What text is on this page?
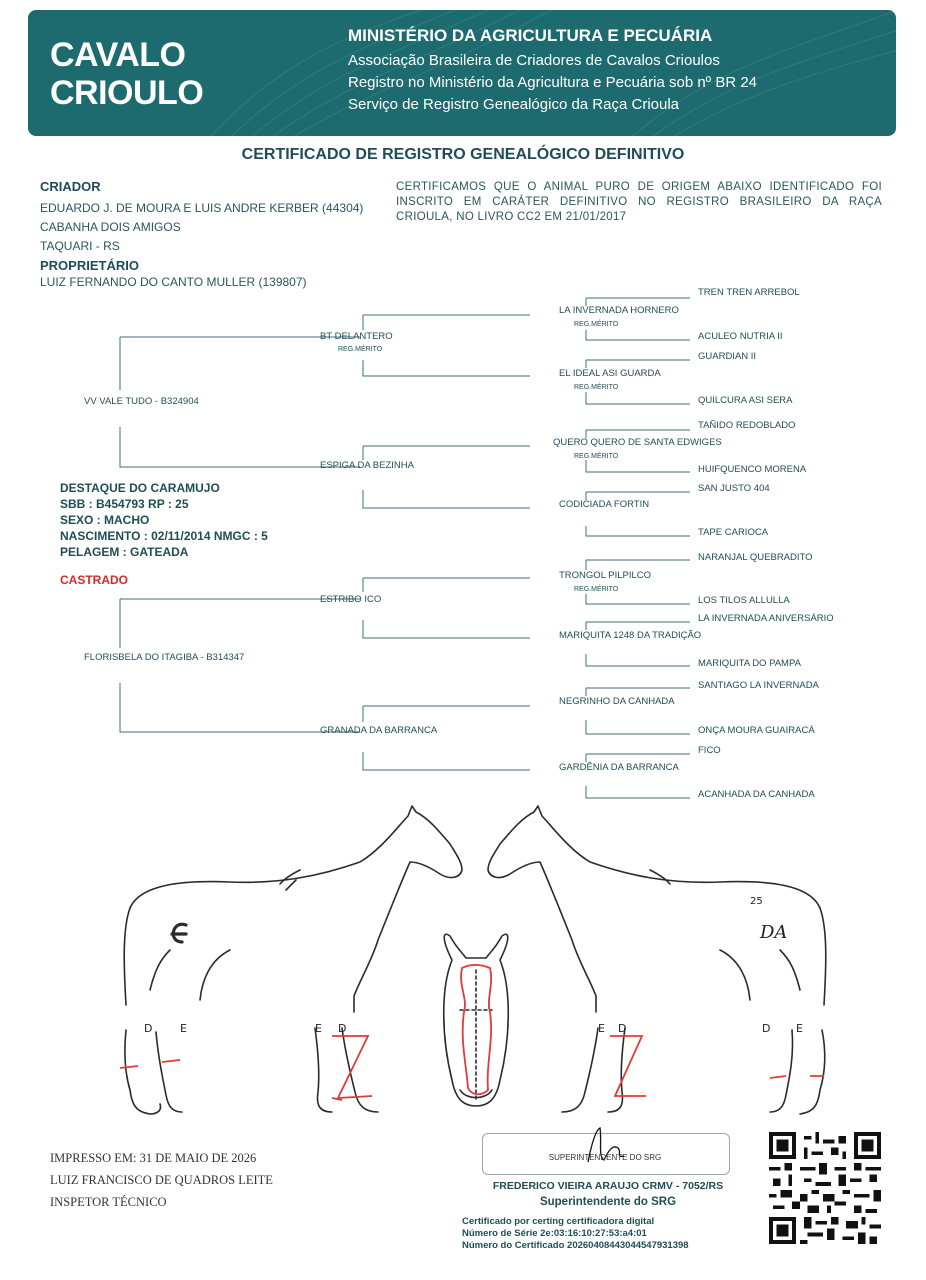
CAVALO
CRIOULO
MINISTÉRIO DA AGRICULTURA E PECUÁRIA
Associação Brasileira de Criadores de Cavalos Crioulos
Registro no Ministério da Agricultura e Pecuária sob nº BR 24
Serviço de Registro Genealógico da Raça Crioula
CERTIFICADO DE REGISTRO GENEALÓGICO DEFINITIVO
CRIADOR
EDUARDO J. DE MOURA E LUIS ANDRE KERBER (44304)
CABANHA DOIS AMIGOS
TAQUARI - RS
PROPRIETÁRIO
LUIZ FERNANDO DO CANTO MULLER (139807)
CERTIFICAMOS QUE O ANIMAL PURO DE ORIGEM ABAIXO IDENTIFICADO FOI INSCRITO EM CARÁTER DEFINITIVO NO REGISTRO BRASILEIRO DA RAÇA CRIOULA, NO LIVRO CC2 EM 21/01/2017
VV VALE TUDO - B324904
FLORISBELA DO ITAGIBA - B314347
BT DELANTERO
REG.MÉRITO
ESPIGA DA BEZINHA
ESTRIBO ICO
GRANADA DA BARRANCA
LA INVERNADA HORNERO
REG.MÉRITO
EL IDEAL ASI GUARDA
REG.MÉRITO
QUERO QUERO DE SANTA EDWIGES
REG.MÉRITO
CODICIADA FORTIN
TRONGOL PILPILCO
REG.MÉRITO
MARIQUITA 1248 DA TRADIÇÃO
NEGRINHO DA CANHADA
GARDÊNIA DA BARRANCA
TREN TREN ARREBOL
ACULEO NUTRIA II
GUARDIAN II
QUILCURA ASI SERA
TAÑIDO REDOBLADO
HUIFQUENCO MORENA
SAN JUSTO 404
TAPE CARIOCA
NARANJAL QUEBRADITO
LOS TILOS ALLULLA
LA INVERNADA ANIVERSÁRIO
MARIQUITA DO PAMPA
SANTIAGO LA INVERNADA
ONÇA MOURA GUAIRACÁ
FICO
ACANHADA DA CANHADA
DESTAQUE DO CARAMUJO
SBB : B454793 RP : 25
SEXO : MACHO
NASCIMENTO : 02/11/2014 NMGC : 5
PELAGEM : GATEADA
CASTRADO
D	E	E D	E D	D E
25
DA
IMPRESSO EM: 31 DE MAIO DE 2026
LUIZ FRANCISCO DE QUADROS LEITE
INSPETOR TÉCNICO
SUPERINTENDENTE DO SRG
FREDERICO VIEIRA ARAUJO CRMV - 7052/RS
Superintendente do SRG
Certificado por certing certificadora digital
Número de Série 2e:03:16:10:27:53:a4:01
Número do Certificado 20260408443044547931398
